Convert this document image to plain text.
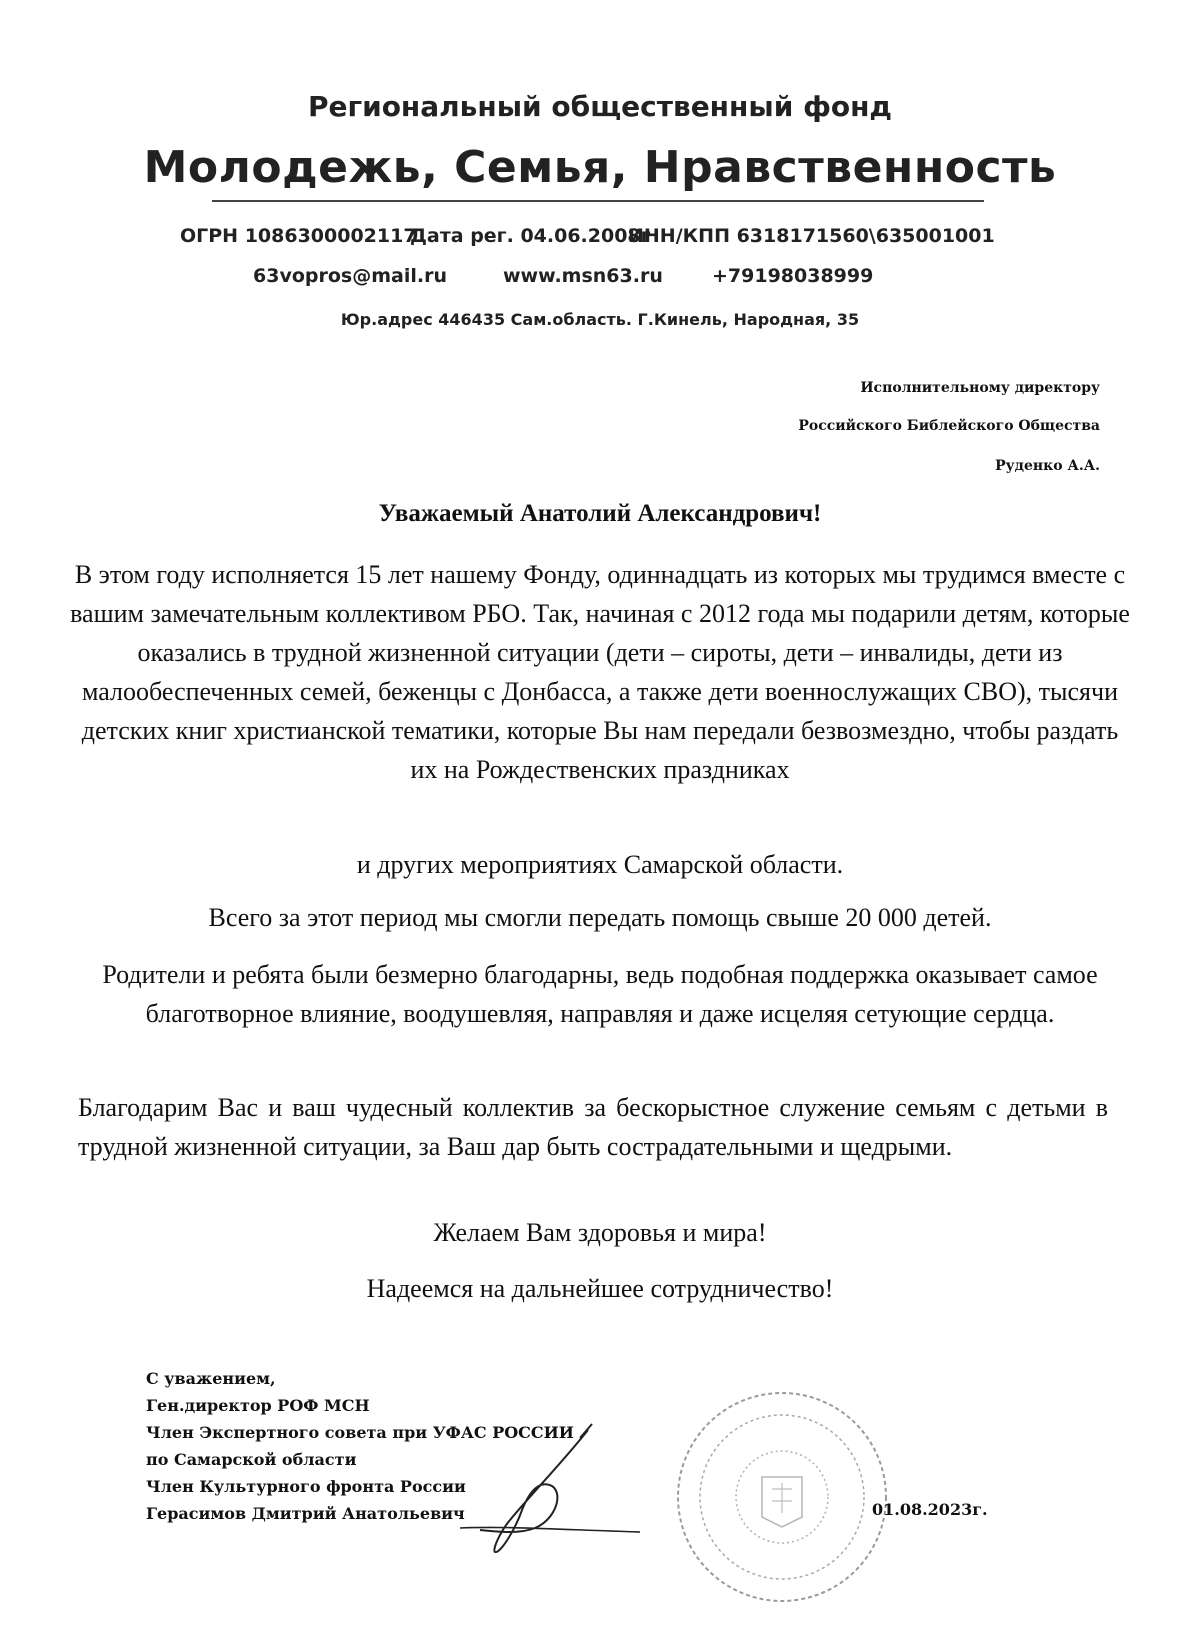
Региональный общественный фонд
Молодежь, Семья, Нравственность
ОГРН 1086300002117
Дата рег. 04.06.2008г
ИНН/КПП 6318171560\635001001
63vopros@mail.ru	www.msn63.ru	+79198038999
Юр.адрес 446435 Сам.область. Г.Кинель, Народная, 35
Исполнительному директору
Российского Библейского Общества
Руденко А.А.
Уважаемый Анатолий Александрович!

В этом году исполняется 15 лет нашему Фонду, одиннадцать из которых мы трудимся вместе с вашим замечательным коллективом РБО. Так, начиная с 2012 года мы подарили детям, которые оказались в трудной жизненной ситуации (дети – сироты, дети – инвалиды, дети из малообеспеченных семей, беженцы с Донбасса, а также дети военнослужащих СВО), тысячи детских книг христианской тематики, которые Вы нам передали безвозмездно, чтобы раздать их на Рождественских праздниках

и других мероприятиях Самарской области.

Всего за этот период мы смогли передать помощь свыше 20 000 детей.

Родители и ребята были безмерно благодарны, ведь подобная поддержка оказывает самое благотворное влияние, воодушевляя, направляя и даже исцеляя сетующие сердца.

Благодарим Вас и ваш чудесный коллектив за бескорыстное служение семьям с детьми в трудной жизненной ситуации, за Ваш дар быть сострадательными и щедрыми.

Желаем Вам здоровья и мира!

Надеемся на дальнейшее сотрудничество!

С уважением,
Ген.директор РОФ МСН
Член Экспертного совета при УФАС РОССИИ
по Самарской области
Член Культурного фронта России
Герасимов Дмитрий Анатольевич	01.08.2023г.
